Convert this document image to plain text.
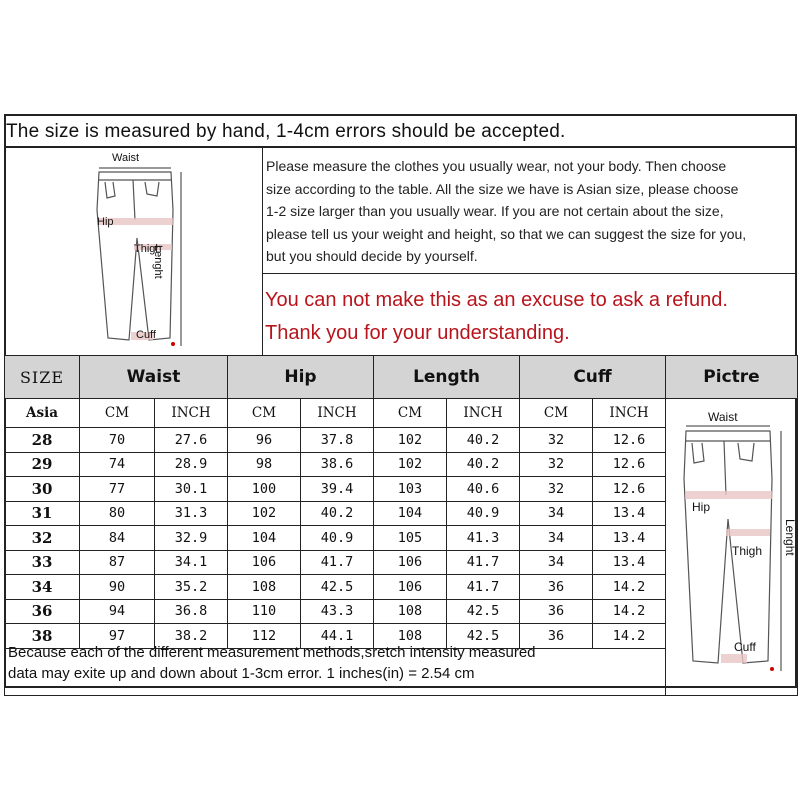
The size is measured by hand, 1-4cm errors should be accepted.
Waist
Hip
Thigh
Cuff
Lenght
Please measure the clothes you usually wear, not your body. Then choose
size according to the table. All the size we have is Asian size, please choose
1-2 size larger than you usually wear. If you are not certain about the size,
please tell us your weight and height, so that we can suggest the size for you,
but you should decide by yourself.
You can not make this as an excuse to ask a refund.
Thank you for your understanding.
SIZE	Waist		Hip		Length		Cuff		Pictre
Asia	CM	INCH	CM	INCH	CM	INCH	CM	INCH	Waist
Hip
Thigh
Cuff
Lenght

28	70	27.6	96	37.8	102	40.2	32	12.6	
29	74	28.9	98	38.6	102	40.2	32	12.6	
30	77	30.1	100	39.4	103	40.6	32	12.6	
31	80	31.3	102	40.2	104	40.9	34	13.4	
32	84	32.9	104	40.9	105	41.3	34	13.4	
33	87	34.1	106	41.7	106	41.7	34	13.4	
34	90	35.2	108	42.5	106	41.7	36	14.2	
36	94	36.8	110	43.3	108	42.5	36	14.2	
38	97	38.2	112	44.1	108	42.5	36	14.2	

Because each of the different measurement methods,sretch intensity measured
data may exite up and down about 1-3cm error. 1 inches(in) = 2.54 cm
